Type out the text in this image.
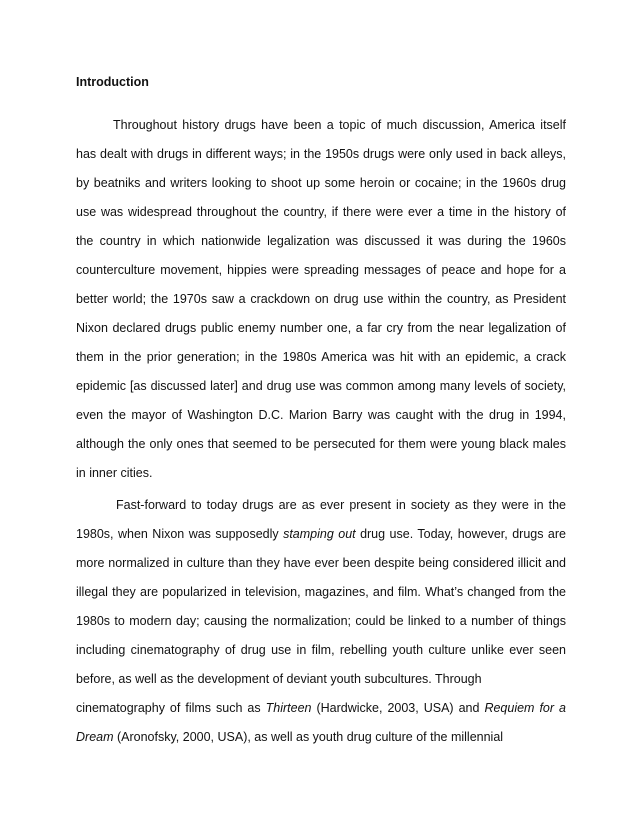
Introduction
Throughout history drugs have been a topic of much discussion, America itself
has dealt with drugs in different ways; in the 1950s drugs were only used in back alleys,
by beatniks and writers looking to shoot up some heroin or cocaine; in the 1960s drug
use was widespread throughout the country, if there were ever a time in the history of
the country in which nationwide legalization was discussed it was during the 1960s
counterculture movement, hippies were spreading messages of peace and hope for a
better world; the 1970s saw a crackdown on drug use within the country, as President
Nixon declared drugs public enemy number one, a far cry from the near legalization of
them in the prior generation; in the 1980s America was hit with an epidemic, a crack
epidemic [as discussed later] and drug use was common among many levels of society,
even the mayor of Washington D.C. Marion Barry was caught with the drug in 1994,
although the only ones that seemed to be persecuted for them were young black males
in inner cities.
Fast-forward to today drugs are as ever present in society as they were in the
1980s, when Nixon was supposedly stamping out drug use. Today, however, drugs are
more normalized in culture than they have ever been despite being considered illicit and
illegal they are popularized in television, magazines, and film. What’s changed from the
1980s to modern day; causing the normalization; could be linked to a number of things
including cinematography of drug use in film, rebelling youth culture unlike ever seen
before, as well as the development of deviant youth subcultures. Through
cinematography of films such as Thirteen (Hardwicke, 2003, USA) and Requiem for a
Dream (Aronofsky, 2000, USA), as well as youth drug culture of the millennial
